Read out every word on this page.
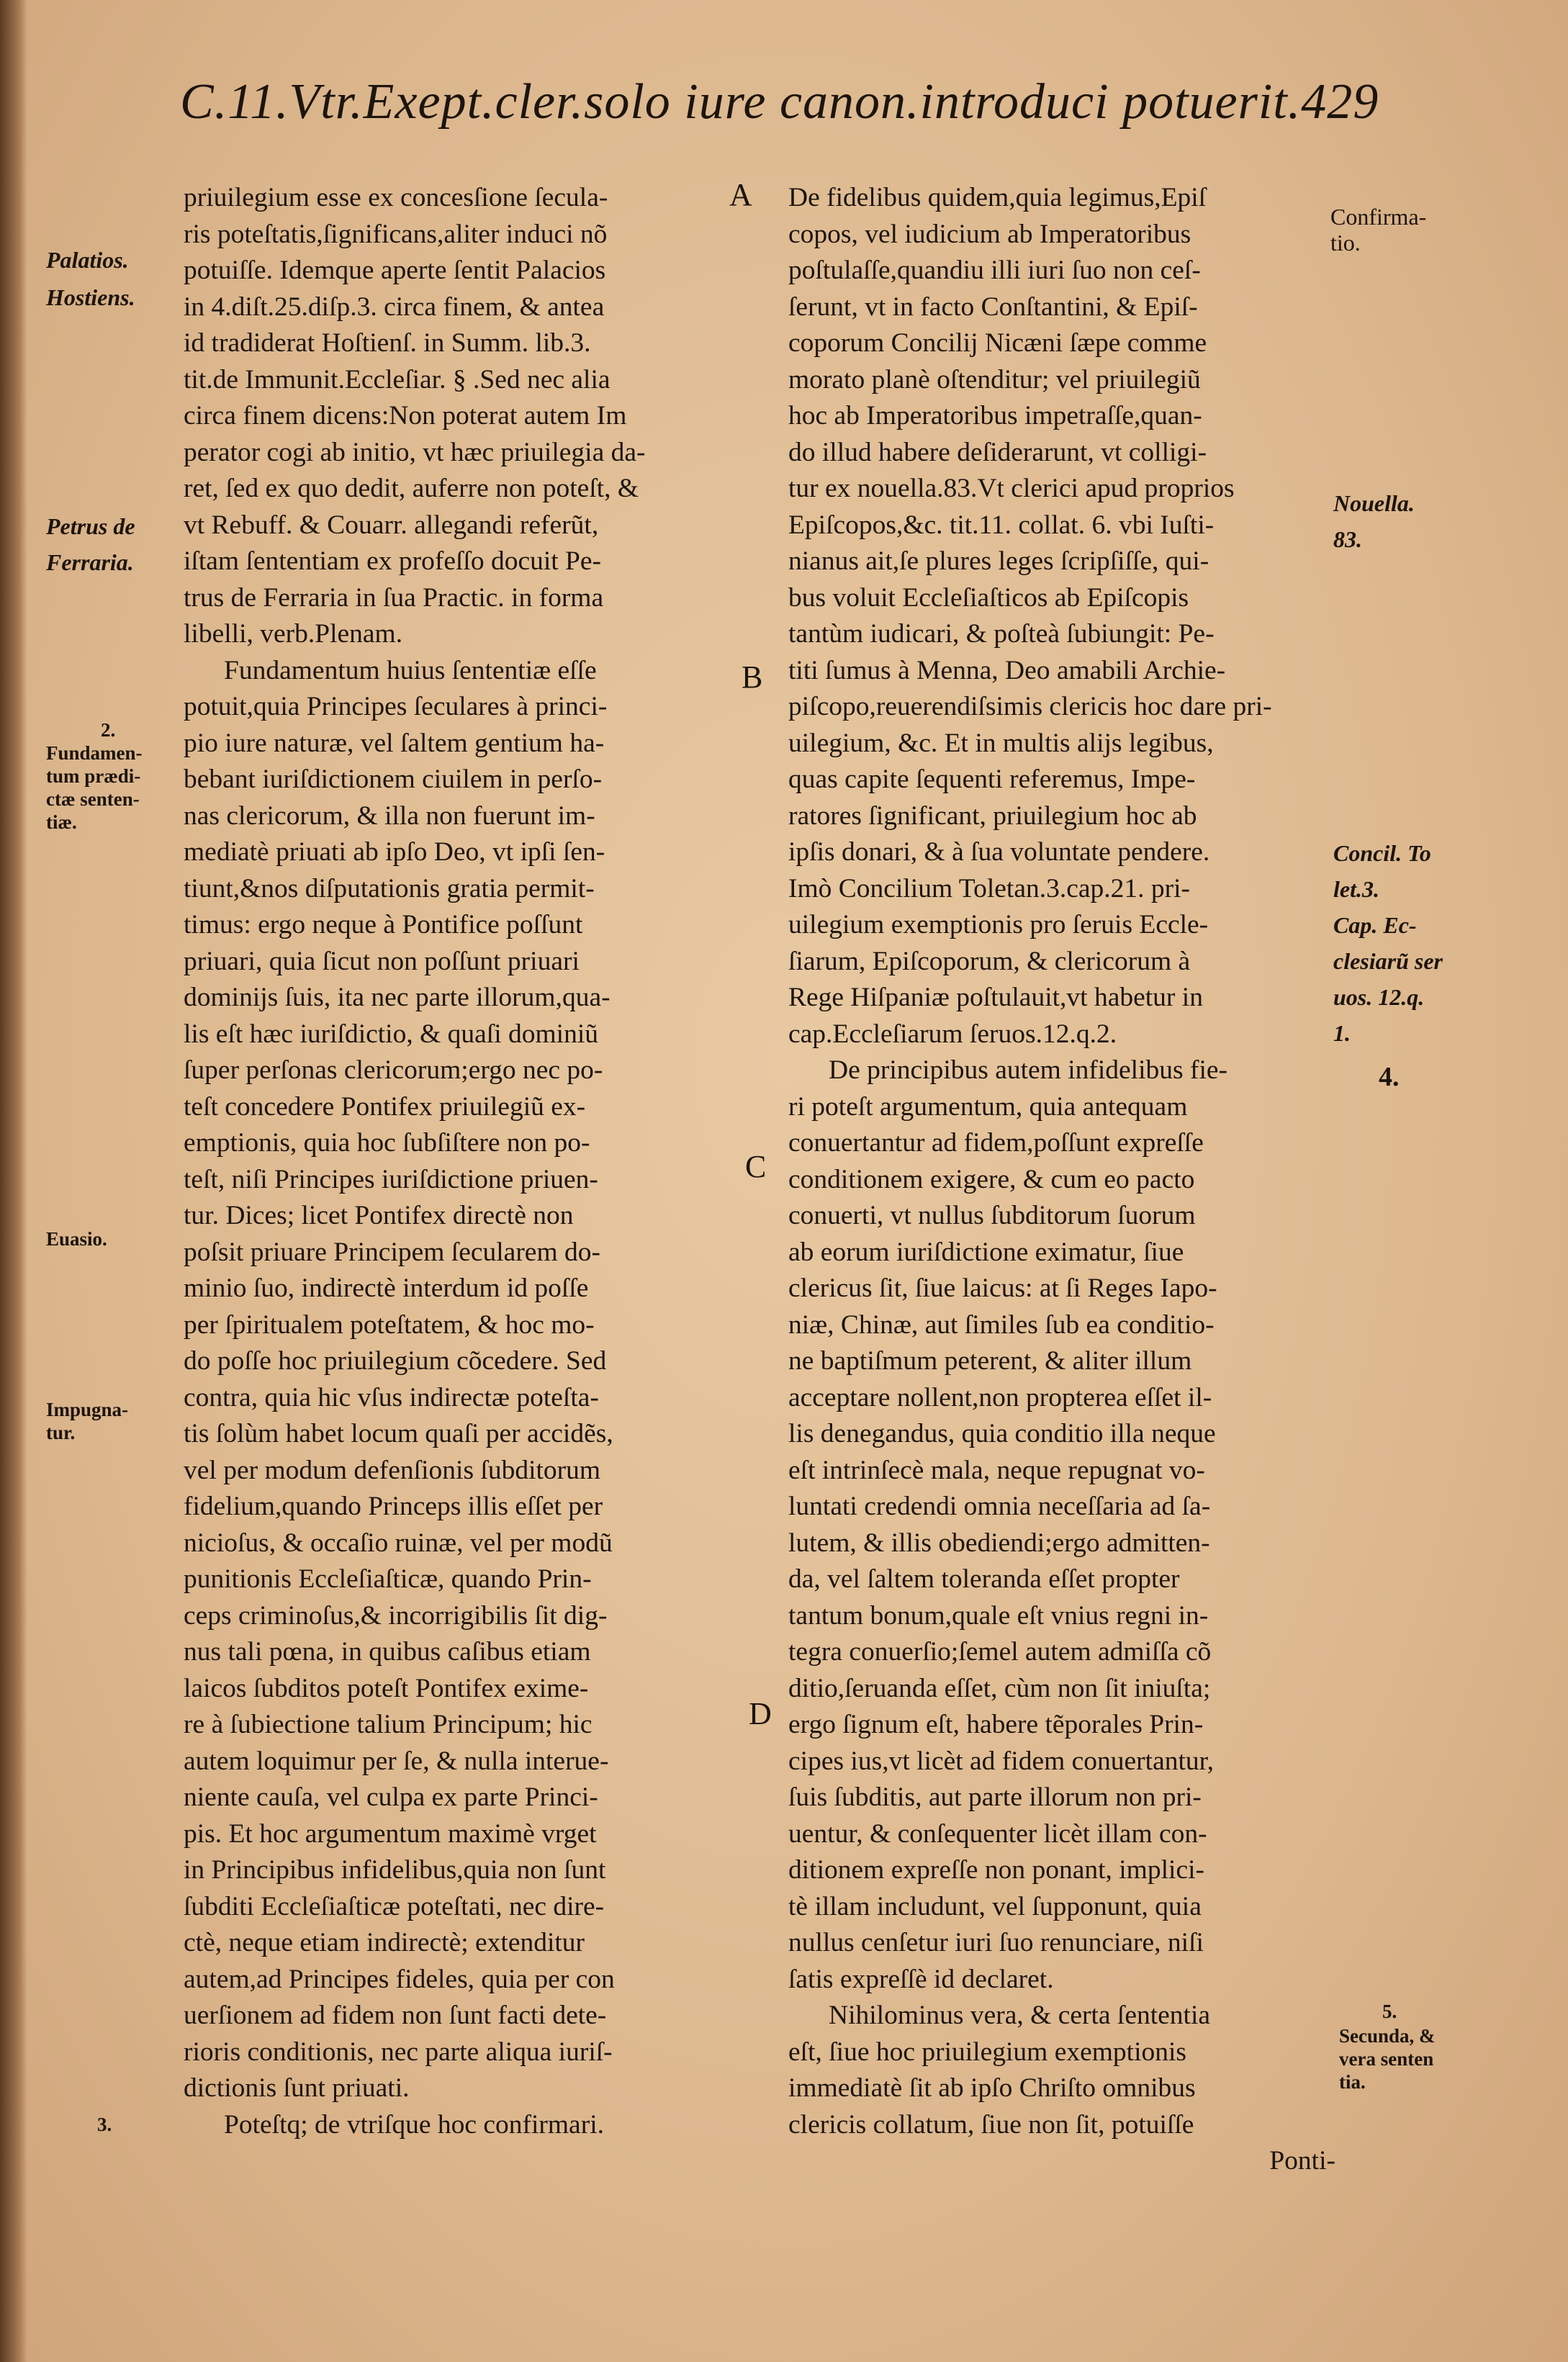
C.11.Vtr.Exept.cler.solo iure canon.introduci potuerit.429
A
B
C
D
Palatios.
Hostiens.
Petrus de
Ferraria.
2.
Fundamen-
tum prædi-
ctæ senten-
tiæ.
Euasio.
Impugna-
tur.
3.
Confirma-
tio.
Nouella.
83.
Concil. To
let.3.
Cap. Ec-
clesiarũ ser
uos. 12.q.
1.
4.
5.
Secunda, &
vera senten
tia.
priuilegium esse ex concesſione ſecula-
ris poteſtatis,ſignificans,aliter induci nõ
potuiſſe. Idemque aperte ſentit Palacios
in 4.diſt.25.diſp.3. circa finem, & antea
id tradiderat Hoſtienſ. in Summ. lib.3.
tit.de Immunit.Eccleſiar. § .Sed nec alia
circa finem dicens:Non poterat autem Im
perator cogi ab initio, vt hæc priuilegia da-
ret, ſed ex quo dedit, auferre non poteſt, &
vt Rebuff. & Couarr. allegandi referũt,
iſtam ſententiam ex profeſſo docuit Pe-
trus de Ferraria in ſua Practic. in forma
libelli, verb.Plenam.
Fundamentum huius ſententiæ eſſe
potuit,quia Principes ſeculares à princi-
pio iure naturæ, vel ſaltem gentium ha-
bebant iuriſdictionem ciuilem in perſo-
nas clericorum, & illa non fuerunt im-
mediatè priuati ab ipſo Deo, vt ipſi ſen-
tiunt,&nos diſputationis gratia permit-
timus: ergo neque à Pontifice poſſunt
priuari, quia ſicut non poſſunt priuari
dominijs ſuis, ita nec parte illorum,qua-
lis eſt hæc iuriſdictio, & quaſi dominiũ
ſuper perſonas clericorum;ergo nec po-
teſt concedere Pontifex priuilegiũ ex-
emptionis, quia hoc ſubſiſtere non po-
teſt, niſi Principes iuriſdictione priuen-
tur. Dices; licet Pontifex directè non
poſsit priuare Principem ſecularem do-
minio ſuo, indirectè interdum id poſſe
per ſpiritualem poteſtatem, & hoc mo-
do poſſe hoc priuilegium cõcedere. Sed
contra, quia hic vſus indirectæ poteſta-
tis ſolùm habet locum quaſi per accidẽs,
vel per modum defenſionis ſubditorum
fidelium,quando Princeps illis eſſet per
nicioſus, & occaſio ruinæ, vel per modũ
punitionis Eccleſiaſticæ, quando Prin-
ceps criminoſus,& incorrigibilis ſit dig-
nus tali pœna, in quibus caſibus etiam
laicos ſubditos poteſt Pontifex exime-
re à ſubiectione talium Principum; hic
autem loquimur per ſe, & nulla interue-
niente cauſa, vel culpa ex parte Princi-
pis. Et hoc argumentum maximè vrget
in Principibus infidelibus,quia non ſunt
ſubditi Eccleſiaſticæ poteſtati, nec dire-
ctè, neque etiam indirectè; extenditur
autem,ad Principes fideles, quia per con
uerſionem ad fidem non ſunt facti dete-
rioris conditionis, nec parte aliqua iuriſ-
dictionis ſunt priuati.
Poteſtq; de vtriſque hoc confirmari.
De fidelibus quidem,quia legimus,Epiſ
copos, vel iudicium ab Imperatoribus
poſtulaſſe,quandiu illi iuri ſuo non ceſ-
ſerunt, vt in facto Conſtantini, & Epiſ-
coporum Concilij Nicæni ſæpe comme
morato planè oſtenditur; vel priuilegiũ
hoc ab Imperatoribus impetraſſe,quan-
do illud habere deſiderarunt, vt colligi-
tur ex nouella.83.Vt clerici apud proprios
Epiſcopos,&c. tit.11. collat. 6. vbi Iuſti-
nianus ait,ſe plures leges ſcripſiſſe, qui-
bus voluit Eccleſiaſticos ab Epiſcopis
tantùm iudicari, & poſteà ſubiungit: Pe-
titi ſumus à Menna, Deo amabili Archie-
piſcopo,reuerendiſsimis clericis hoc dare pri-
uilegium, &c. Et in multis alijs legibus,
quas capite ſequenti referemus, Impe-
ratores ſignificant, priuilegium hoc ab
ipſis donari, & à ſua voluntate pendere.
Imò Concilium Toletan.3.cap.21. pri-
uilegium exemptionis pro ſeruis Eccle-
ſiarum, Epiſcoporum, & clericorum à
Rege Hiſpaniæ poſtulauit,vt habetur in
cap.Eccleſiarum ſeruos.12.q.2.
De principibus autem infidelibus fie-
ri poteſt argumentum, quia antequam
conuertantur ad fidem,poſſunt expreſſe
conditionem exigere, & cum eo pacto
conuerti, vt nullus ſubditorum ſuorum
ab eorum iuriſdictione eximatur, ſiue
clericus ſit, ſiue laicus: at ſi Reges Iapo-
niæ, Chinæ, aut ſimiles ſub ea conditio-
ne baptiſmum peterent, & aliter illum
acceptare nollent,non propterea eſſet il-
lis denegandus, quia conditio illa neque
eſt intrinſecè mala, neque repugnat vo-
luntati credendi omnia neceſſaria ad ſa-
lutem, & illis obediendi;ergo admitten-
da, vel ſaltem toleranda eſſet propter
tantum bonum,quale eſt vnius regni in-
tegra conuerſio;ſemel autem admiſſa cõ
ditio,ſeruanda eſſet, cùm non ſit iniuſta;
ergo ſignum eſt, habere tẽporales Prin-
cipes ius,vt licèt ad fidem conuertantur,
ſuis ſubditis, aut parte illorum non pri-
uentur, & conſequenter licèt illam con-
ditionem expreſſe non ponant, implici-
tè illam includunt, vel ſupponunt, quia
nullus cenſetur iuri ſuo renunciare, niſi
ſatis expreſſè id declaret.
Nihilominus vera, & certa ſententia
eſt, ſiue hoc priuilegium exemptionis
immediatè ſit ab ipſo Chriſto omnibus
clericis collatum, ſiue non ſit, potuiſſe
Ponti-
